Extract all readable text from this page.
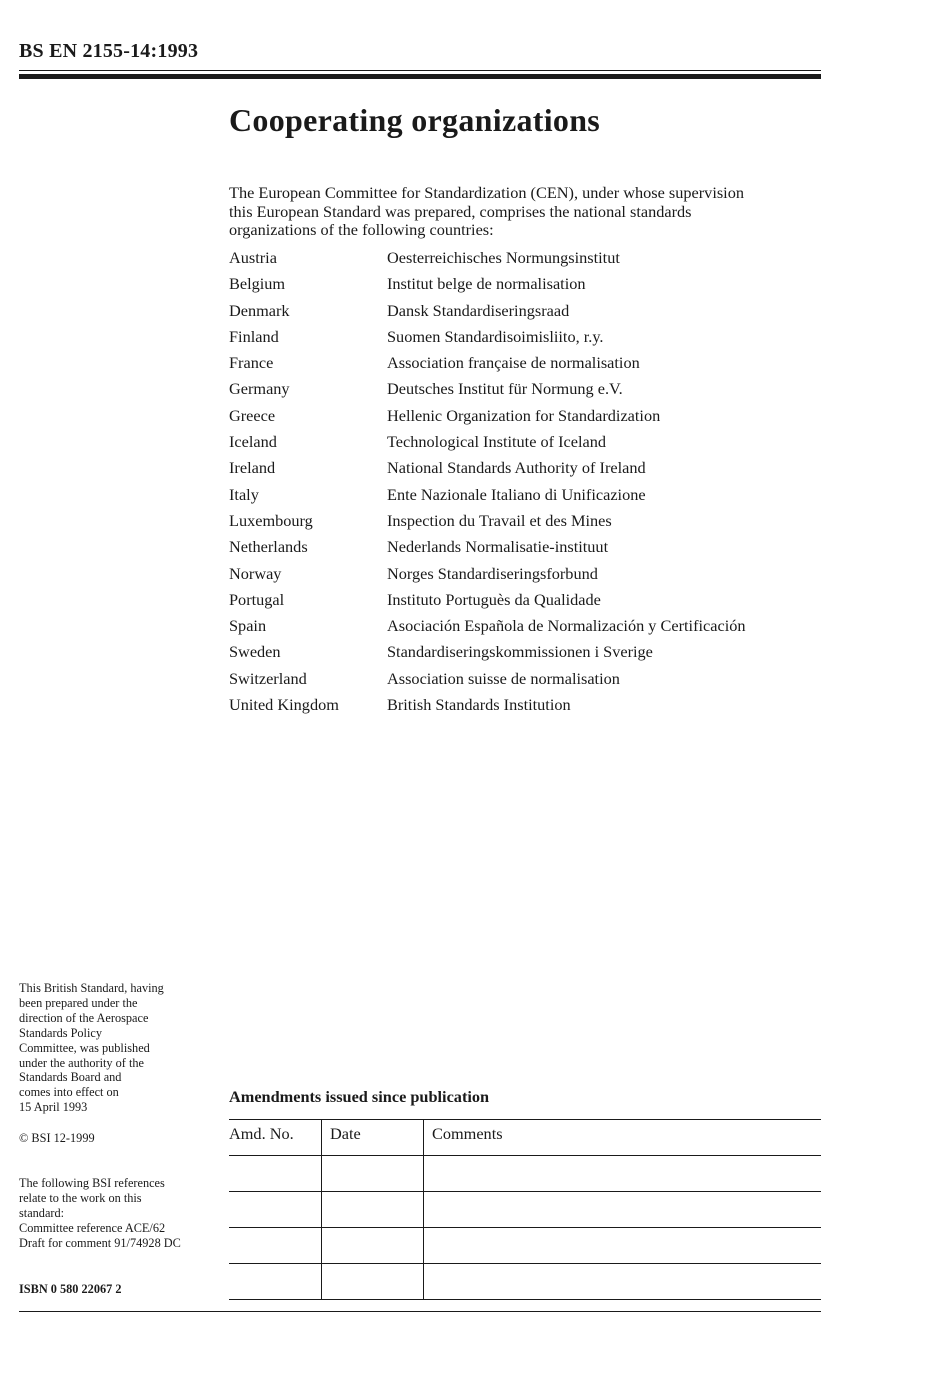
BS EN 2155-14:1993
Cooperating organizations
The European Committee for Standardization (CEN), under whose supervision
this European Standard was prepared, comprises the national standards
organizations of the following countries:
Austria	Oesterreichisches Normungsinstitut
Belgium	Institut belge de normalisation
Denmark	Dansk Standardiseringsraad
Finland	Suomen Standardisoimisliito, r.y.
France	Association française de normalisation
Germany	Deutsches Institut für Normung e.V.
Greece	Hellenic Organization for Standardization
Iceland	Technological Institute of Iceland
Ireland	National Standards Authority of Ireland
Italy	Ente Nazionale Italiano di Unificazione
Luxembourg	Inspection du Travail et des Mines
Netherlands	Nederlands Normalisatie-instituut
Norway	Norges Standardiseringsforbund
Portugal	Instituto Portuguès da Qualidade
Spain	Asociación Española de Normalización y Certificación
Sweden	Standardiseringskommissionen i Sverige
Switzerland	Association suisse de normalisation
United Kingdom	British Standards Institution
This British Standard, having
been prepared under the
direction of the Aerospace
Standards Policy
Committee, was published
under the authority of the
Standards Board and
comes into effect on
15 April 1993
© BSI 12-1999
The following BSI references
relate to the work on this
standard:
Committee reference ACE/62
Draft for comment 91/74928 DC
ISBN 0 580 22067 2
Amendments issued since publication
Amd. No.	Date	Comments
